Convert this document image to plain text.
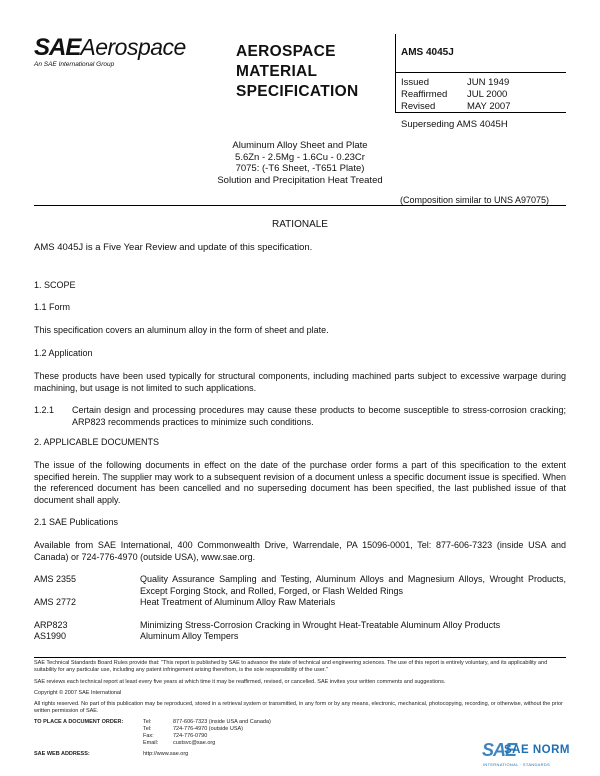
SAEAerospace
An SAE International Group
AEROSPACE
MATERIAL
SPECIFICATION
AMS 4045J
Issued	JUN 1949
Reaffirmed	JUL 2000
Revised	MAY 2007
Superseding AMS 4045H
Aluminum Alloy Sheet and Plate
5.6Zn - 2.5Mg - 1.6Cu - 0.23Cr
7075: (-T6 Sheet, -T651 Plate)
Solution and Precipitation Heat Treated
(Composition similar to UNS A97075)
RATIONALE
AMS 4045J is a Five Year Review and update of this specification.
1. SCOPE
1.1 Form
This specification covers an aluminum alloy in the form of sheet and plate.
1.2 Application
These products have been used typically for structural components, including machined parts subject to excessive warpage during machining, but usage is not limited to such applications.
1.2.1 Certain design and processing procedures may cause these products to become susceptible to stress-corrosion cracking; ARP823 recommends practices to minimize such conditions.
2. APPLICABLE DOCUMENTS
The issue of the following documents in effect on the date of the purchase order forms a part of this specification to the extent specified herein. The supplier may work to a subsequent revision of a document unless a specific document issue is specified. When the referenced document has been cancelled and no superseding document has been specified, the last published issue of that document shall apply.
2.1 SAE Publications
Available from SAE International, 400 Commonwealth Drive, Warrendale, PA 15096-0001, Tel: 877-606-7323 (inside USA and Canada) or 724-776-4970 (outside USA), www.sae.org.
AMS 2355	Quality Assurance Sampling and Testing, Aluminum Alloys and Magnesium Alloys, Wrought Products, Except Forging Stock, and Rolled, Forged, or Flash Welded Rings
AMS 2772	Heat Treatment of Aluminum Alloy Raw Materials
ARP823	Minimizing Stress-Corrosion Cracking in Wrought Heat-Treatable Aluminum Alloy Products
AS1990	Aluminum Alloy Tempers
SAE Technical Standards Board Rules provide that: "This report is published by SAE to advance the state of technical and engineering sciences. The use of this report is entirely voluntary, and its applicability and suitability for any particular use, including any patent infringement arising therefrom, is the sole responsibility of the user."
SAE reviews each technical report at least every five years at which time it may be reaffirmed, revised, or cancelled. SAE invites your written comments and suggestions.
Copyright © 2007 SAE International
All rights reserved. No part of this publication may be reproduced, stored in a retrieval system or transmitted, in any form or by any means, electronic, mechanical, photocopying, recording, or otherwise, without the prior written permission of SAE.
TO PLACE A DOCUMENT ORDER:	Tel:	877-606-7323 (inside USA and Canada)
Tel:	724-776-4970 (outside USA)
Fax:	724-776-0790
Email:	custsvc@sae.org
SAE WEB ADDRESS:	http://www.sae.org	SAE
SAE NORM
INTERNATIONAL · STANDARDS
